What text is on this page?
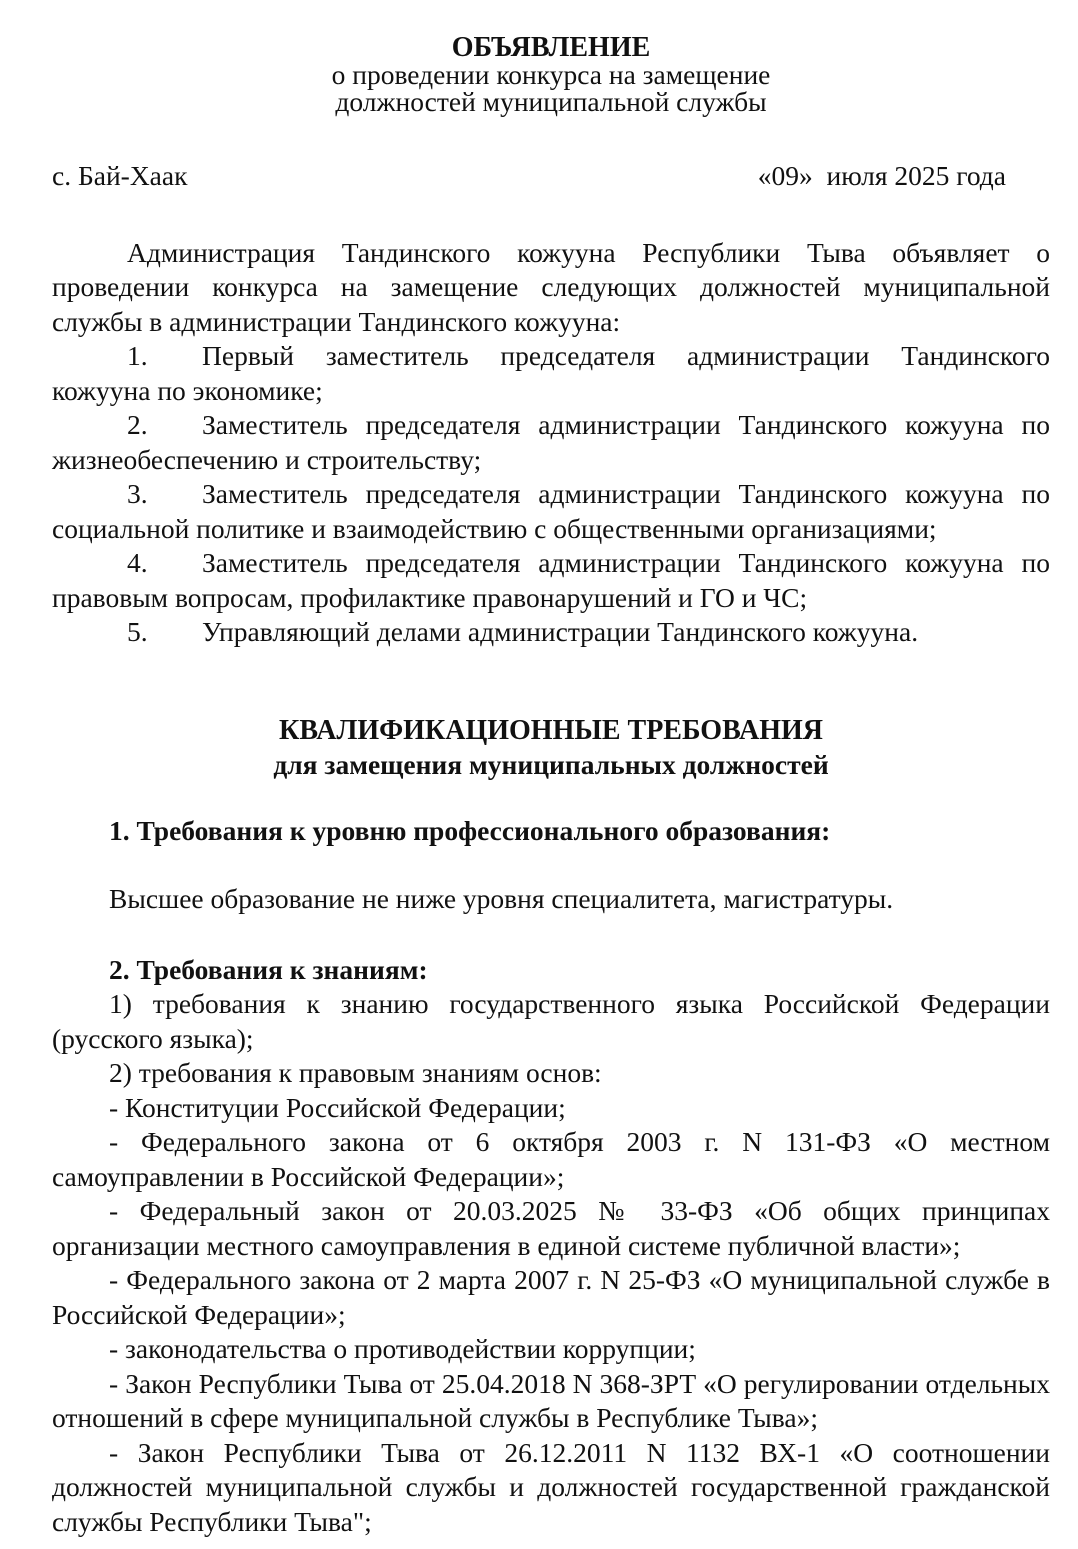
ОБЪЯВЛЕНИЕ
о проведении конкурса на замещение
должностей муниципальной службы
с. Бай-Хаак	«09»  июля 2025 года
Администрация Тандинского кожууна Республики Тыва объявляет о проведении конкурса на замещение следующих должностей муниципальной службы в администрации Тандинского кожууна:
1. Первый заместитель председателя администрации Тандинского кожууна по экономике;
2. Заместитель председателя администрации Тандинского кожууна по жизнеобеспечению и строительству;
3. Заместитель председателя администрации Тандинского кожууна по социальной политике и взаимодействию с общественными организациями;
4. Заместитель председателя администрации Тандинского кожууна по правовым вопросам, профилактике правонарушений и ГО и ЧС;
5. Управляющий делами администрации Тандинского кожууна.
КВАЛИФИКАЦИОННЫЕ ТРЕБОВАНИЯ
для замещения муниципальных должностей
1. Требования к уровню профессионального образования:
Высшее образование не ниже уровня специалитета, магистратуры.
2. Требования к знаниям:
1) требования к знанию государственного языка Российской Федерации (русского языка);
2) требования к правовым знаниям основ:
- Конституции Российской Федерации;
- Федерального закона от 6 октября 2003 г. N 131-ФЗ «О местном самоуправлении в Российской Федерации»;
- Федеральный закон от 20.03.2025 № 33-ФЗ «Об общих принципах организации местного самоуправления в единой системе публичной власти»;
- Федерального закона от 2 марта 2007 г. N 25-ФЗ «О муниципальной службе в Российской Федерации»;
- законодательства о противодействии коррупции;
- Закон Республики Тыва от 25.04.2018 N 368-ЗРТ «О регулировании отдельных отношений в сфере муниципальной службы в Республике Тыва»;
- Закон Республики Тыва от 26.12.2011 N 1132 ВХ-1 «О соотношении должностей муниципальной службы и должностей государственной гражданской службы Республики Тыва";
